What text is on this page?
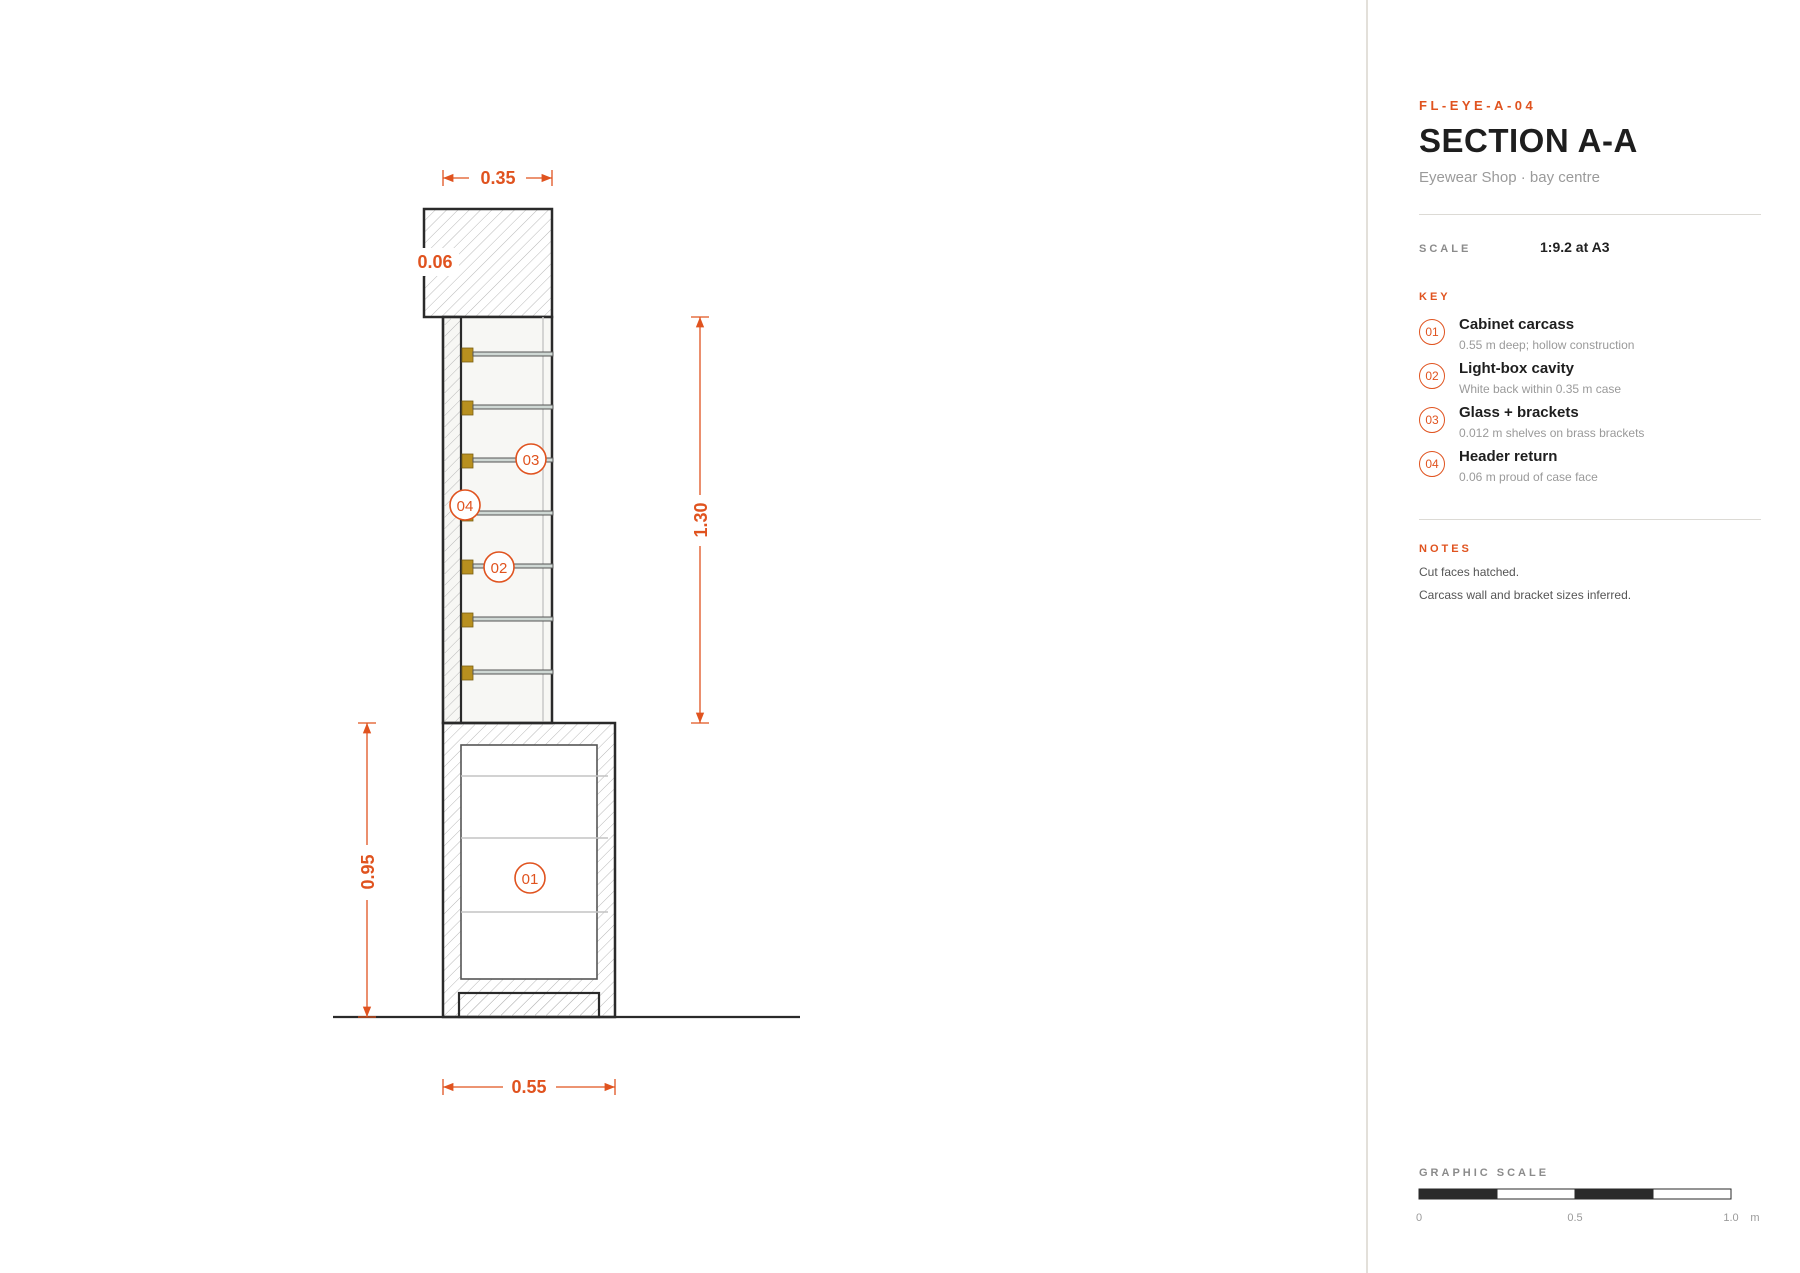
0.35
0.06
1.30
0.95
0.55
03
04
02
01
FL-EYE-A-04
SECTION A-A
Eyewear Shop · bay centre
SCALE	1:9.2 at A3
KEY
01	Cabinet carcass
0.55 m deep; hollow construction
02	Light-box cavity
White back within 0.35 m case
03	Glass + brackets
0.012 m shelves on brass brackets
04	Header return
0.06 m proud of case face
NOTES
Cut faces hatched.
Carcass wall and bracket sizes inferred.
GRAPHIC SCALE
0	0.5	1.0 m
